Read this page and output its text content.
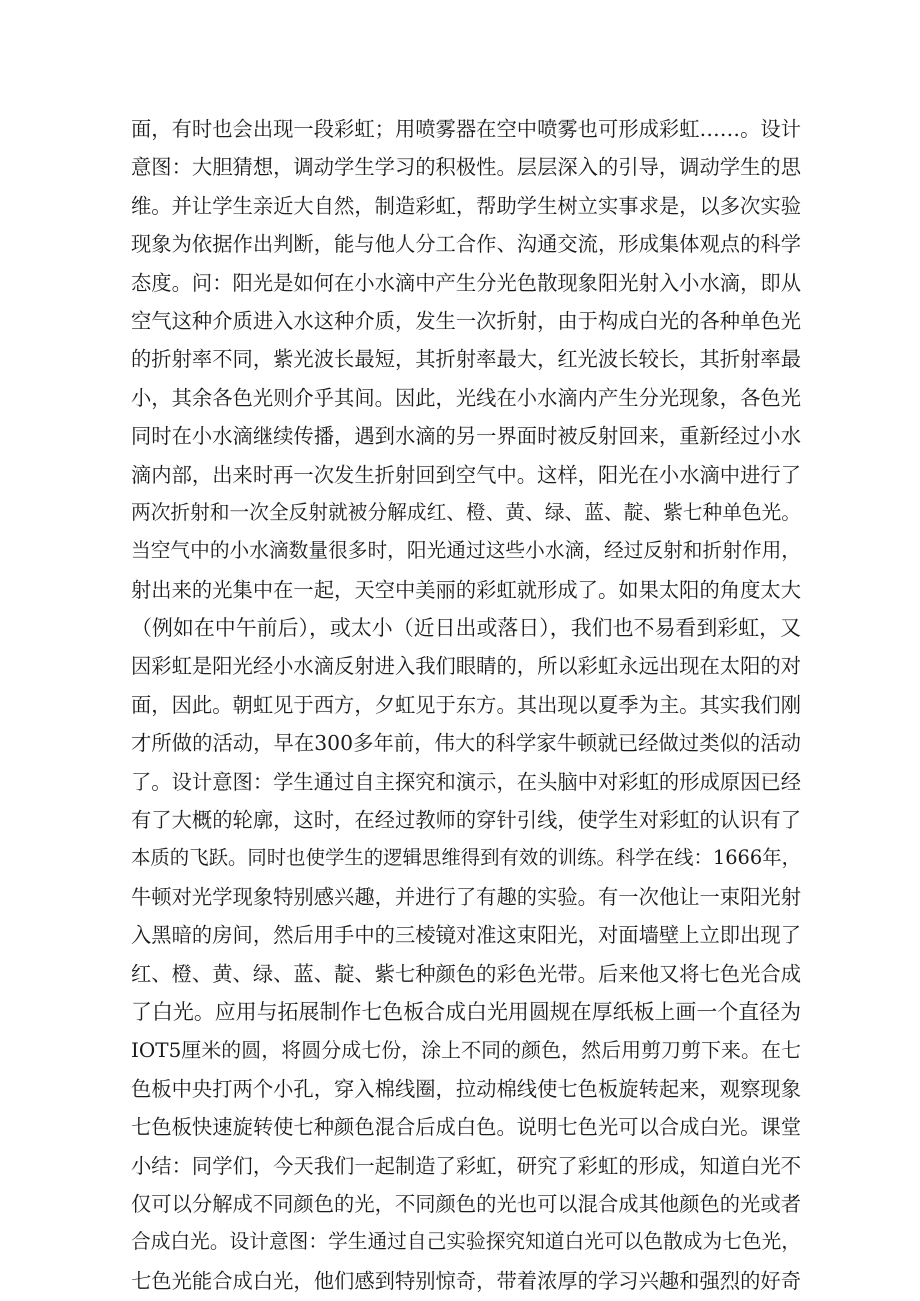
面，有时也会出现一段彩虹；用喷雾器在空中喷雾也可形成彩虹……。设计
意图：大胆猜想，调动学生学习的积极性。层层深入的引导，调动学生的思
维。并让学生亲近大自然，制造彩虹，帮助学生树立实事求是，以多次实验
现象为依据作出判断，能与他人分工合作、沟通交流，形成集体观点的科学
态度。问：阳光是如何在小水滴中产生分光色散现象阳光射入小水滴，即从
空气这种介质进入水这种介质，发生一次折射，由于构成白光的各种单色光
的折射率不同，紫光波长最短，其折射率最大，红光波长较长，其折射率最
小，其余各色光则介乎其间。因此，光线在小水滴内产生分光现象，各色光
同时在小水滴继续传播，遇到水滴的另一界面时被反射回来，重新经过小水
滴内部，出来时再一次发生折射回到空气中。这样，阳光在小水滴中进行了
两次折射和一次全反射就被分解成红、橙、黄、绿、蓝、靛、紫七种单色光。
当空气中的小水滴数量很多时，阳光通过这些小水滴，经过反射和折射作用，
射出来的光集中在一起，天空中美丽的彩虹就形成了。如果太阳的角度太大
（例如在中午前后），或太小（近日出或落日），我们也不易看到彩虹，又
因彩虹是阳光经小水滴反射进入我们眼睛的，所以彩虹永远出现在太阳的对
面，因此。朝虹见于西方，夕虹见于东方。其出现以夏季为主。其实我们刚
才所做的活动，早在300多年前，伟大的科学家牛顿就已经做过类似的活动
了。设计意图：学生通过自主探究和演示，在头脑中对彩虹的形成原因已经
有了大概的轮廓，这时，在经过教师的穿针引线，使学生对彩虹的认识有了
本质的飞跃。同时也使学生的逻辑思维得到有效的训练。科学在线：1666年，
牛顿对光学现象特别感兴趣，并进行了有趣的实验。有一次他让一束阳光射
入黑暗的房间，然后用手中的三棱镜对准这束阳光，对面墙壁上立即出现了
红、橙、黄、绿、蓝、靛、紫七种颜色的彩色光带。后来他又将七色光合成
了白光。应用与拓展制作七色板合成白光用圆规在厚纸板上画一个直径为
IOT5厘米的圆，将圆分成七份，涂上不同的颜色，然后用剪刀剪下来。在七
色板中央打两个小孔，穿入棉线圈，拉动棉线使七色板旋转起来，观察现象
七色板快速旋转使七种颜色混合后成白色。说明七色光可以合成白光。课堂
小结：同学们，今天我们一起制造了彩虹，研究了彩虹的形成，知道白光不
仅可以分解成不同颜色的光，不同颜色的光也可以混合成其他颜色的光或者
合成白光。设计意图：学生通过自己实验探究知道白光可以色散成为七色光，
七色光能合成白光，他们感到特别惊奇，带着浓厚的学习兴趣和强烈的好奇
